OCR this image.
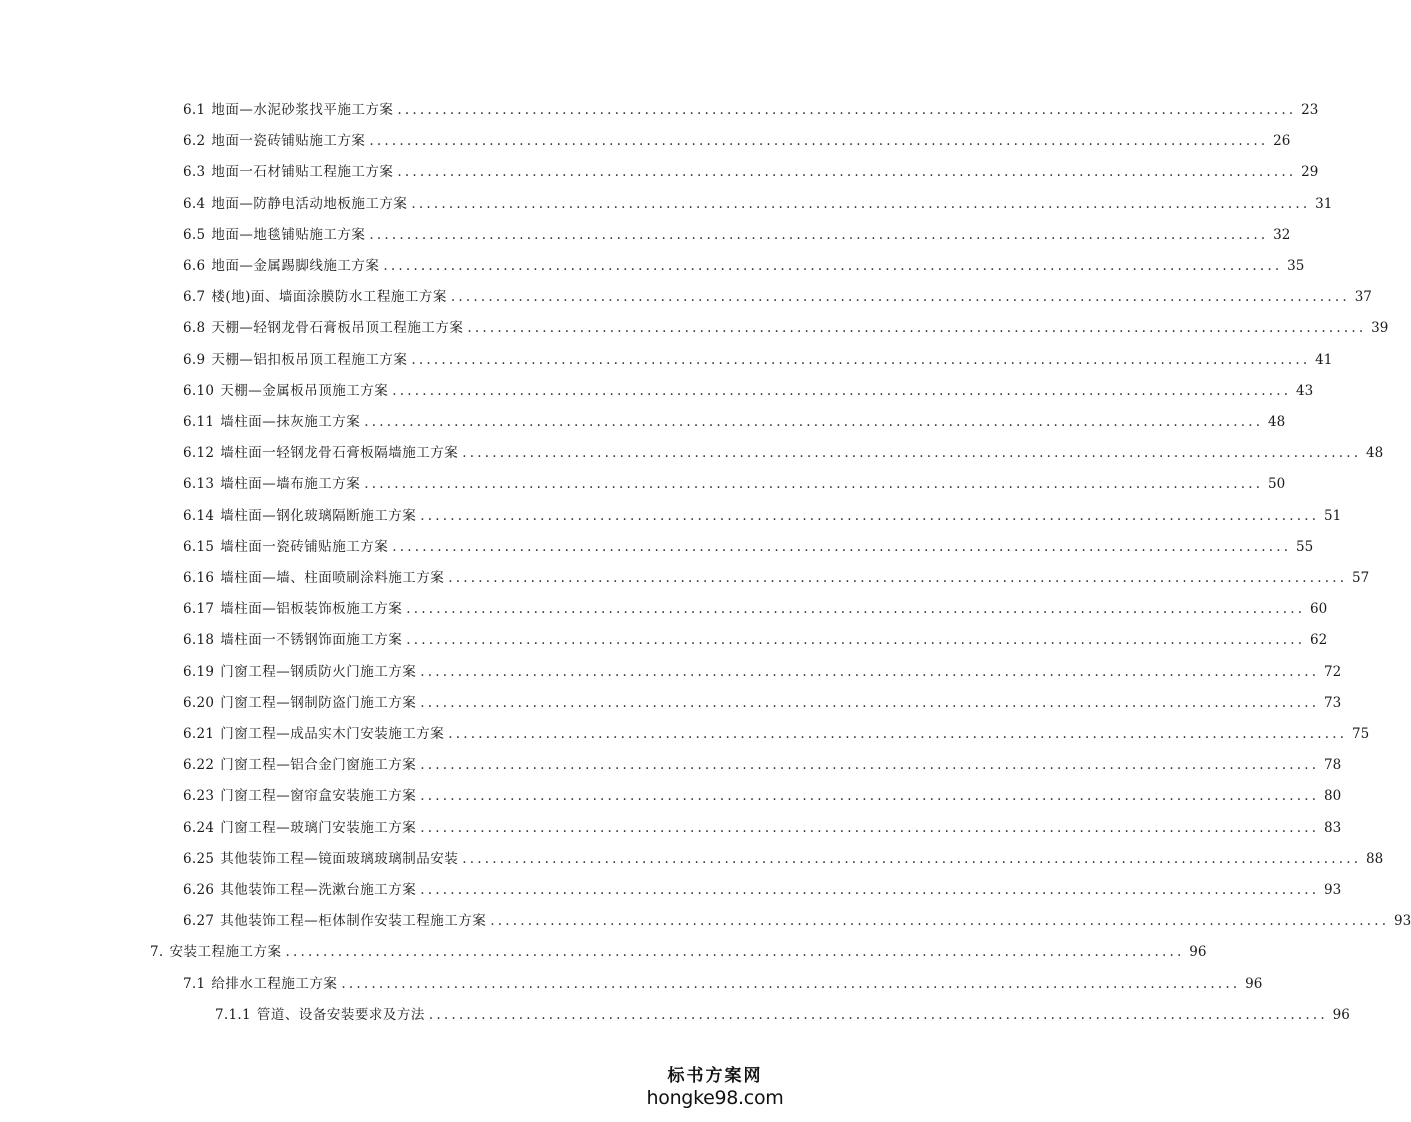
6.1 地面—水泥砂浆找平施工方案 ........................................................................................................................ 23
6.2 地面一瓷砖铺贴施工方案 ........................................................................................................................ 26
6.3 地面一石材铺贴工程施工方案 ........................................................................................................................ 29
6.4 地面—防静电活动地板施工方案 ........................................................................................................................ 31
6.5 地面—地毯铺贴施工方案 ........................................................................................................................ 32
6.6 地面—金属踢脚线施工方案 ........................................................................................................................ 35
6.7 楼(地)面、墙面涂膜防水工程施工方案 ........................................................................................................................ 37
6.8 天棚—轻钢龙骨石膏板吊顶工程施工方案 ........................................................................................................................ 39
6.9 天棚—铝扣板吊顶工程施工方案 ........................................................................................................................ 41
6.10 天棚—金属板吊顶施工方案 ........................................................................................................................ 43
6.11 墙柱面—抹灰施工方案 ........................................................................................................................ 48
6.12 墙柱面一轻钢龙骨石膏板隔墙施工方案 ........................................................................................................................ 48
6.13 墙柱面—墙布施工方案 ........................................................................................................................ 50
6.14 墙柱面—钢化玻璃隔断施工方案 ........................................................................................................................ 51
6.15 墙柱面一瓷砖铺贴施工方案 ........................................................................................................................ 55
6.16 墙柱面—墙、柱面喷刷涂料施工方案 ........................................................................................................................ 57
6.17 墙柱面—铝板装饰板施工方案 ........................................................................................................................ 60
6.18 墙柱面一不锈钢饰面施工方案 ........................................................................................................................ 62
6.19 门窗工程—钢质防火门施工方案 ........................................................................................................................ 72
6.20 门窗工程—钢制防盗门施工方案 ........................................................................................................................ 73
6.21 门窗工程—成品实木门安装施工方案 ........................................................................................................................ 75
6.22 门窗工程—铝合金门窗施工方案 ........................................................................................................................ 78
6.23 门窗工程—窗帘盒安装施工方案 ........................................................................................................................ 80
6.24 门窗工程—玻璃门安装施工方案 ........................................................................................................................ 83
6.25 其他装饰工程—镜面玻璃玻璃制品安装 ........................................................................................................................ 88
6.26 其他装饰工程—洗漱台施工方案 ........................................................................................................................ 93
6.27 其他装饰工程—柜体制作安装工程施工方案 ........................................................................................................................ 93
7. 安装工程施工方案 ........................................................................................................................ 96
7.1 给排水工程施工方案 ........................................................................................................................ 96
7.1.1 管道、设备安装要求及方法 ........................................................................................................................ 96
标书方案网
hongke98.com
